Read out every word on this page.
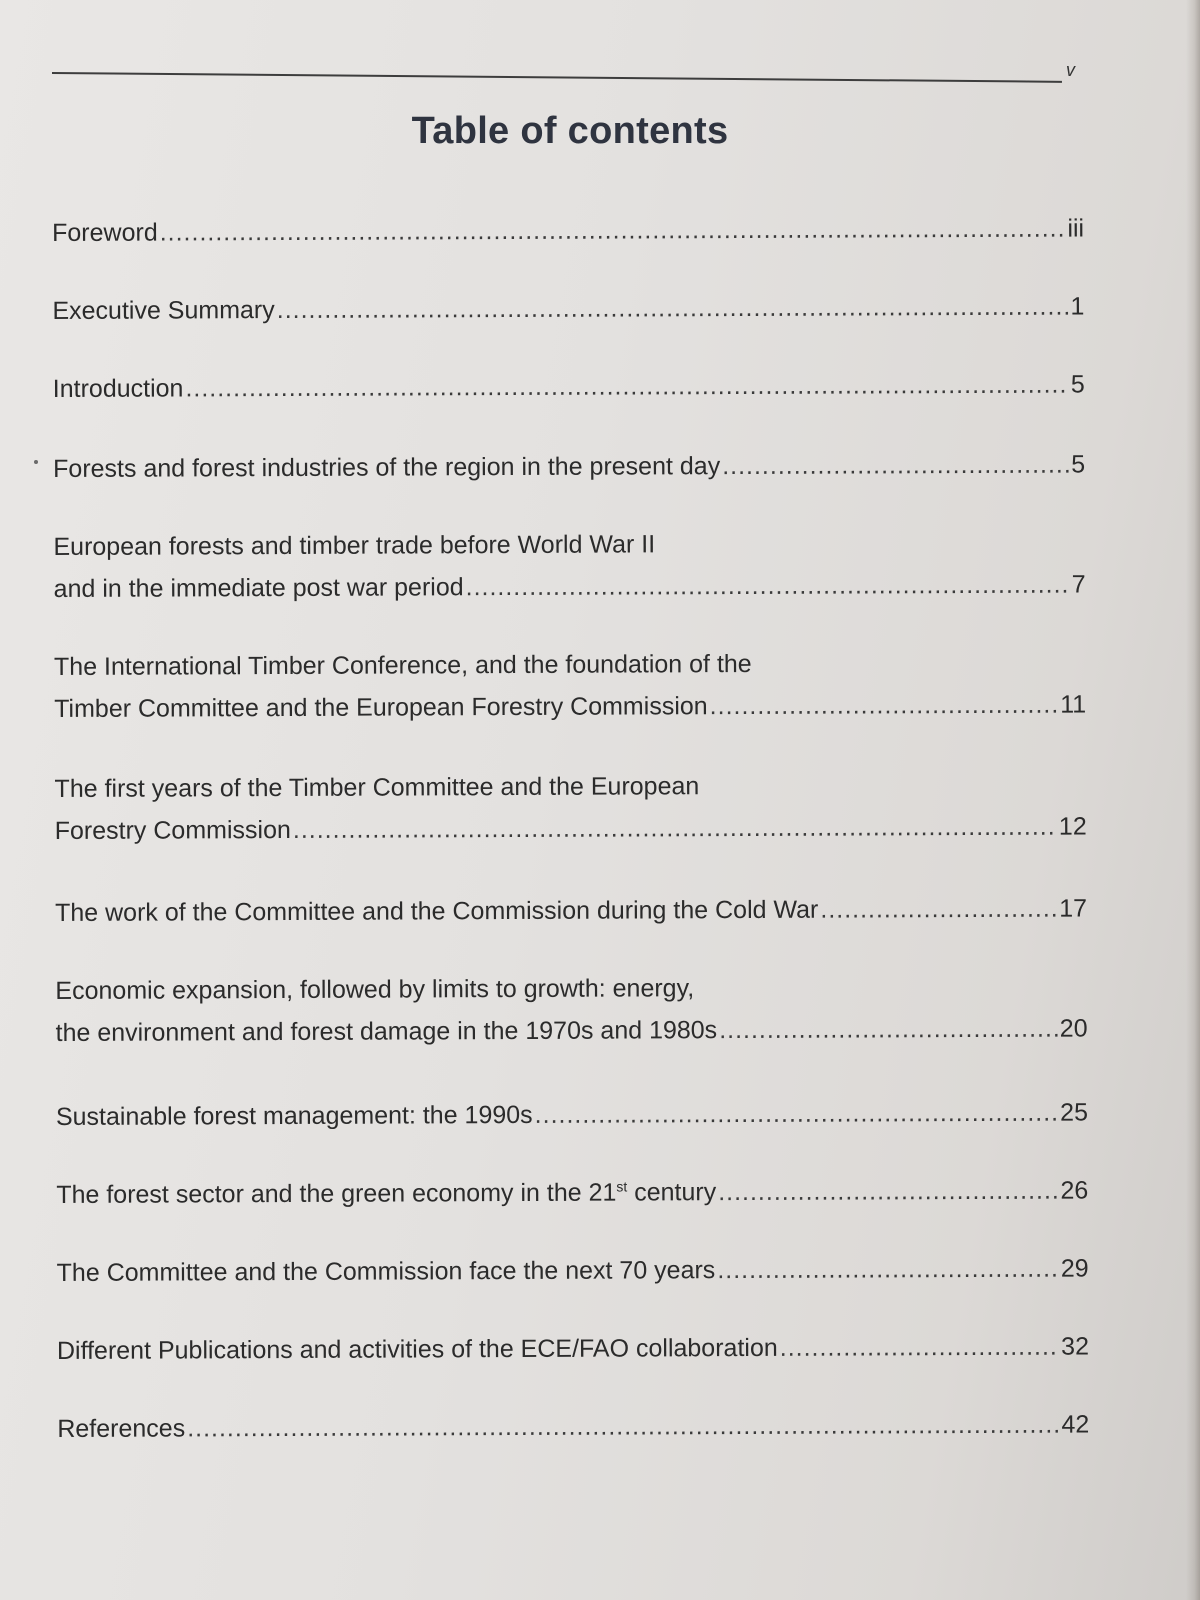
v
Table of contents
Foreword .....	iii
Executive Summary .....	1
Introduction .....	5
Forests and forest industries of the region in the present day .....	5
European forests and timber trade before World War II
and in the immediate post war period .....	7
The International Timber Conference, and the foundation of the
Timber Committee and the European Forestry Commission .....	11
The first years of the Timber Committee and the European
Forestry Commission .....	12
The work of the Committee and the Commission during the Cold War .....	17
Economic expansion, followed by limits to growth: energy,
the environment and forest damage in the 1970s and 1980s .....	20
Sustainable forest management: the 1990s .....	25
The forest sector and the green economy in the 21st century .....	26
The Committee and the Commission face the next 70 years .....	29
Different Publications and activities of the ECE/FAO collaboration .....	32
References .....	42
